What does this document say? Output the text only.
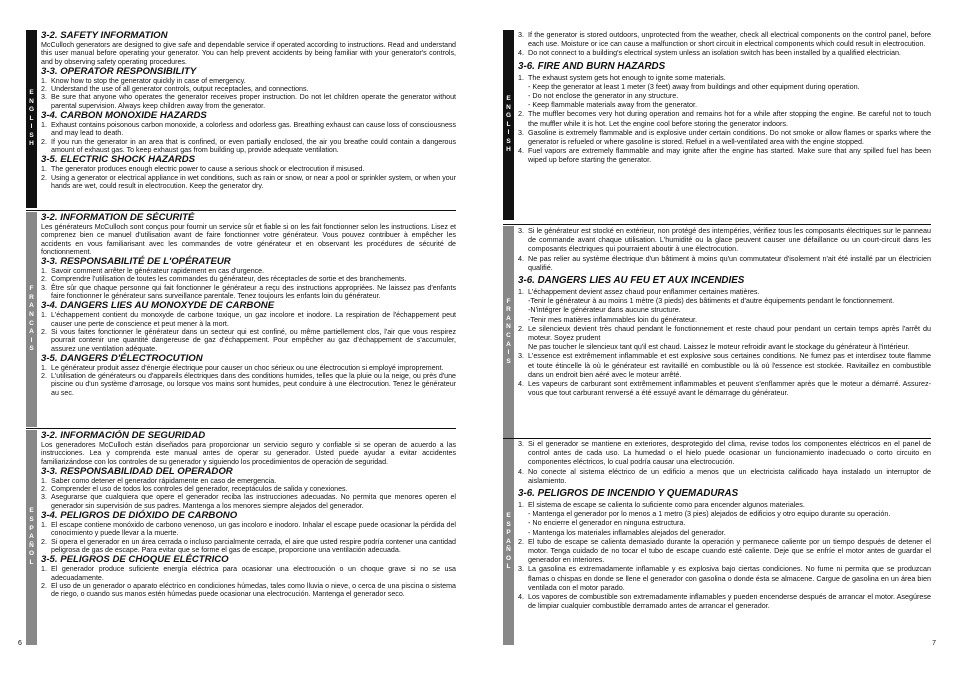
E
N
G
L
I
S
H

3-2. SAFETY INFORMATION

McCulloch generators are designed to give safe and dependable service if operated according to instructions. Read and understand this user manual before operating your generator. You can help prevent accidents by being familiar with your generator's controls, and by observing safety operating procedures.

3-3. OPERATOR RESPONSIBILITY

1. Know how to stop the generator quickly in case of emergency.
2. Understand the use of all generator controls, output receptacles, and connections.
3. Be sure that anyone who operates the generator receives proper instruction. Do not let children operate the generator without parental supervision. Always keep children away from the generator.

3-4. CARBON MONOXIDE HAZARDS

1. Exhaust contains poisonous carbon monoxide, a colorless and odorless gas. Breathing exhaust can cause loss of consciousness and may lead to death.
2. If you run the generator in an area that is confined, or even partially enclosed, the air you breathe could contain a dangerous amount of exhaust gas. To keep exhaust gas from building up, provide adequate ventilation.

3-5. ELECTRIC SHOCK HAZARDS

1. The generator produces enough electric power to cause a serious shock or electrocution if misused.
2. Using a generator or electrical appliance in wet conditions, such as rain or snow, or near a pool or sprinkler system, or when your hands are wet, could result in electrocution. Keep the generator dry.
F
R
A
N
C
A
I
S

3-2. INFORMATION DE SÉCURITÉ

Les générateurs McCulloch sont conçus pour fournir un service sûr et fiable si on les fait fonctionner selon les instructions. Lisez et comprenez bien ce manuel d'utilisation avant de faire fonctionner votre générateur. Vous pouvez contribuer à empêcher les accidents en vous familiarisant avec les commandes de votre générateur et en observant les procédures de sécurité de fonctionnement.

3-3. RESPONSABILITÉ DE L'OPÉRATEUR

1. Savoir comment arrêter le générateur rapidement en cas d'urgence.
2. Comprendre l'utilisation de toutes les commandes du générateur, des réceptacles de sortie et des branchements.
3. Être sûr que chaque personne qui fait fonctionner le générateur a reçu des instructions appropriées. Ne laissez pas d'enfants faire fonctionner le générateur sans surveillance parentale. Tenez toujours les enfants loin du générateur.

3-4. DANGERS LIES AU MONOXYDE DE CARBONE

1. L'échappement contient du monoxyde de carbone toxique, un gaz incolore et inodore. La respiration de l'échappement peut causer une perte de conscience et peut mener à la mort.
2. Si vous faites fonctionner le générateur dans un secteur qui est confiné, ou même partiellement clos, l'air que vous respirez pourrait contenir une quantité dangereuse de gaz d'échappement. Pour empêcher au gaz d'échappement de s'accumuler, assurez une ventilation adéquate.

3-5. DANGERS D'ÉLECTROCUTION

1. Le générateur produit assez d'énergie électrique pour causer un choc sérieux ou une électrocution si employé improprement.
2. L'utilisation de générateurs ou d'appareils électriques dans des conditions humides, telles que la pluie ou la neige, ou près d'une piscine ou d'un système d'arrosage, ou lorsque vos mains sont humides, peut conduire à une électrocution. Tenez le générateur au sec.
E
S
P
A
Ñ
O
L

3-2. INFORMACIÓN DE SEGURIDAD

Los generadores McCulloch están diseñados para proporcionar un servicio seguro y confiable si se operan de acuerdo a las instrucciones. Lea y comprenda este manual antes de operar su generador. Usted puede ayudar a evitar accidentes familiarizándose con los controles de su generador y siguiendo los procedimientos de operación de seguridad.

3-3. RESPONSABILIDAD DEL OPERADOR

1. Saber como detener el generador rápidamente en caso de emergencia.
2. Comprender el uso de todos los controles del generador, receptáculos de salida y conexiones.
3. Asegurarse que cualquiera que opere el generador reciba las instrucciones adecuadas. No permita que menores operen el generador sin supervisión de sus padres. Mantenga a los menores siempre alejados del generador.

3-4. PELIGROS DE DIÓXIDO DE CARBONO

1. El escape contiene monóxido de carbono venenoso, un gas incoloro e inodoro. Inhalar el escape puede ocasionar la pérdida del conocimiento y puede llevar a la muerte.
2. Si opera el generador en un área cerrada o incluso parcialmente cerrada, el aire que usted respire podría contener una cantidad peligrosa de gas de escape. Para evitar que se forme el gas de escape, proporcione una ventilación adecuada.

3-5. PELIGROS DE CHOQUE ELÉCTRICO

1. El generador produce suficiente energía eléctrica para ocasionar una electrocución o un choque grave si no se usa adecuadamente.
2. El uso de un generador o aparato eléctrico en condiciones húmedas, tales como lluvia o nieve, o cerca de una piscina o sistema de riego, o cuando sus manos estén húmedas puede ocasionar una electrocución. Mantenga el generador seco.
6
E
N
G
L
I
S
H
3. If the generator is stored outdoors, unprotected from the weather, check all electrical components on the control panel, before each use. Moisture or ice can cause a malfunction or short circuit in electrical components which could result in electrocution.
4. Do not connect to a building's electrical system unless an isolation switch has been installed by a qualified electrician.

3-6. FIRE AND BURN HAZARDS

1. The exhaust system gets hot enough to ignite some materials.
- Keep the generator at least 1 meter (3 feet) away from buildings and other equipment during operation.
- Do not enclose the generator in any structure.
- Keep flammable materials away from the generator.
2. The muffler becomes very hot during operation and remains hot for a while after stopping the engine. Be careful not to touch the muffler while it is hot. Let the engine cool before storing the generator indoors.
3. Gasoline is extremely flammable and is explosive under certain conditions. Do not smoke or allow flames or sparks where the generator is refueled or where gasoline is stored. Refuel in a well-ventilated area with the engine stopped.
4. Fuel vapors are extremely flammable and may ignite after the engine has started. Make sure that any spilled fuel has been wiped up before starting the generator.
F
R
A
N
C
A
I
S
3. Si le générateur est stocké en extérieur, non protégé des intempéries, vérifiez tous les composants électriques sur le panneau de commande avant chaque utilisation. L'humidité ou la glace peuvent causer une défaillance ou un court-circuit dans les composants électriques qui pourraient aboutir à une électrocution.
4. Ne pas relier au système électrique d'un bâtiment à moins qu'un commutateur d'isolement n'ait été installé par un électricien qualifié.

3-6. DANGERS LIES AU FEU ET AUX INCENDIES

1. L'échappement devient assez chaud pour enflammer certaines matières.
-Tenir le générateur à au moins 1 mètre (3 pieds) des bâtiments et d'autre équipements pendant le fonctionnement.
-N'intégrer le générateur dans aucune structure.
-Tenir mes matières inflammables loin du générateur.
2. Le silencieux devient très chaud pendant le fonctionnement et reste chaud pour pendant un certain temps après l'arrêt du moteur. Soyez prudent
Ne pas toucher le silencieux tant qu'il est chaud. Laissez le moteur refroidir avant le stockage du générateur à l'intérieur.
3. L'essence est extrêmement inflammable et est explosive sous certaines conditions. Ne fumez pas et interdisez toute flamme et toute étincelle là où le générateur est ravitaillé en combustible ou là où l'essence est stockée. Ravitaillez en combustible dans un endroit bien aéré avec le moteur arrêté.
4. Les vapeurs de carburant sont extrêmement inflammables et peuvent s'enflammer après que le moteur a démarré. Assurez-vous que tout carburant renversé a été essuyé avant le démarrage du générateur.
E
S
P
A
Ñ
O
L
3. Si el generador se mantiene en exteriores, desprotegido del clima, revise todos los componentes eléctricos en el panel de control antes de cada uso. La humedad o el hielo puede ocasionar un funcionamiento inadecuado o corto circuito en componentes eléctricos, lo cual podría causar una electrocución.
4. No conecte al sistema eléctrico de un edificio a menos que un electricista calificado haya instalado un interruptor de aislamiento.

3-6. PELIGROS DE INCENDIO Y QUEMADURAS

1. El sistema de escape se calienta lo suficiente como para encender algunos materiales.
- Mantenga el generador por lo menos a 1 metro (3 pies) alejados de edificios y otro equipo durante su operación.
- No encierre el generador en ninguna estructura.
- Mantenga los materiales inflamables alejados del generador.
2. El tubo de escape se calienta demasiado durante la operación y permanece caliente por un tiempo después de detener el motor. Tenga cuidado de no tocar el tubo de escape cuando esté caliente. Deje que se enfríe el motor antes de guardar el generador en interiores.
3. La gasolina es extremadamente inflamable y es explosiva bajo ciertas condiciones. No fume ni permita que se produzcan flamas o chispas en donde se llene el generador con gasolina o donde ésta se almacene. Cargue de gasolina en un área bien ventilada con el motor parado.
4. Los vapores de combustible son extremadamente inflamables y pueden encenderse después de arrancar el motor. Asegúrese de limpiar cualquier combustible derramado antes de arrancar el generador.
7
